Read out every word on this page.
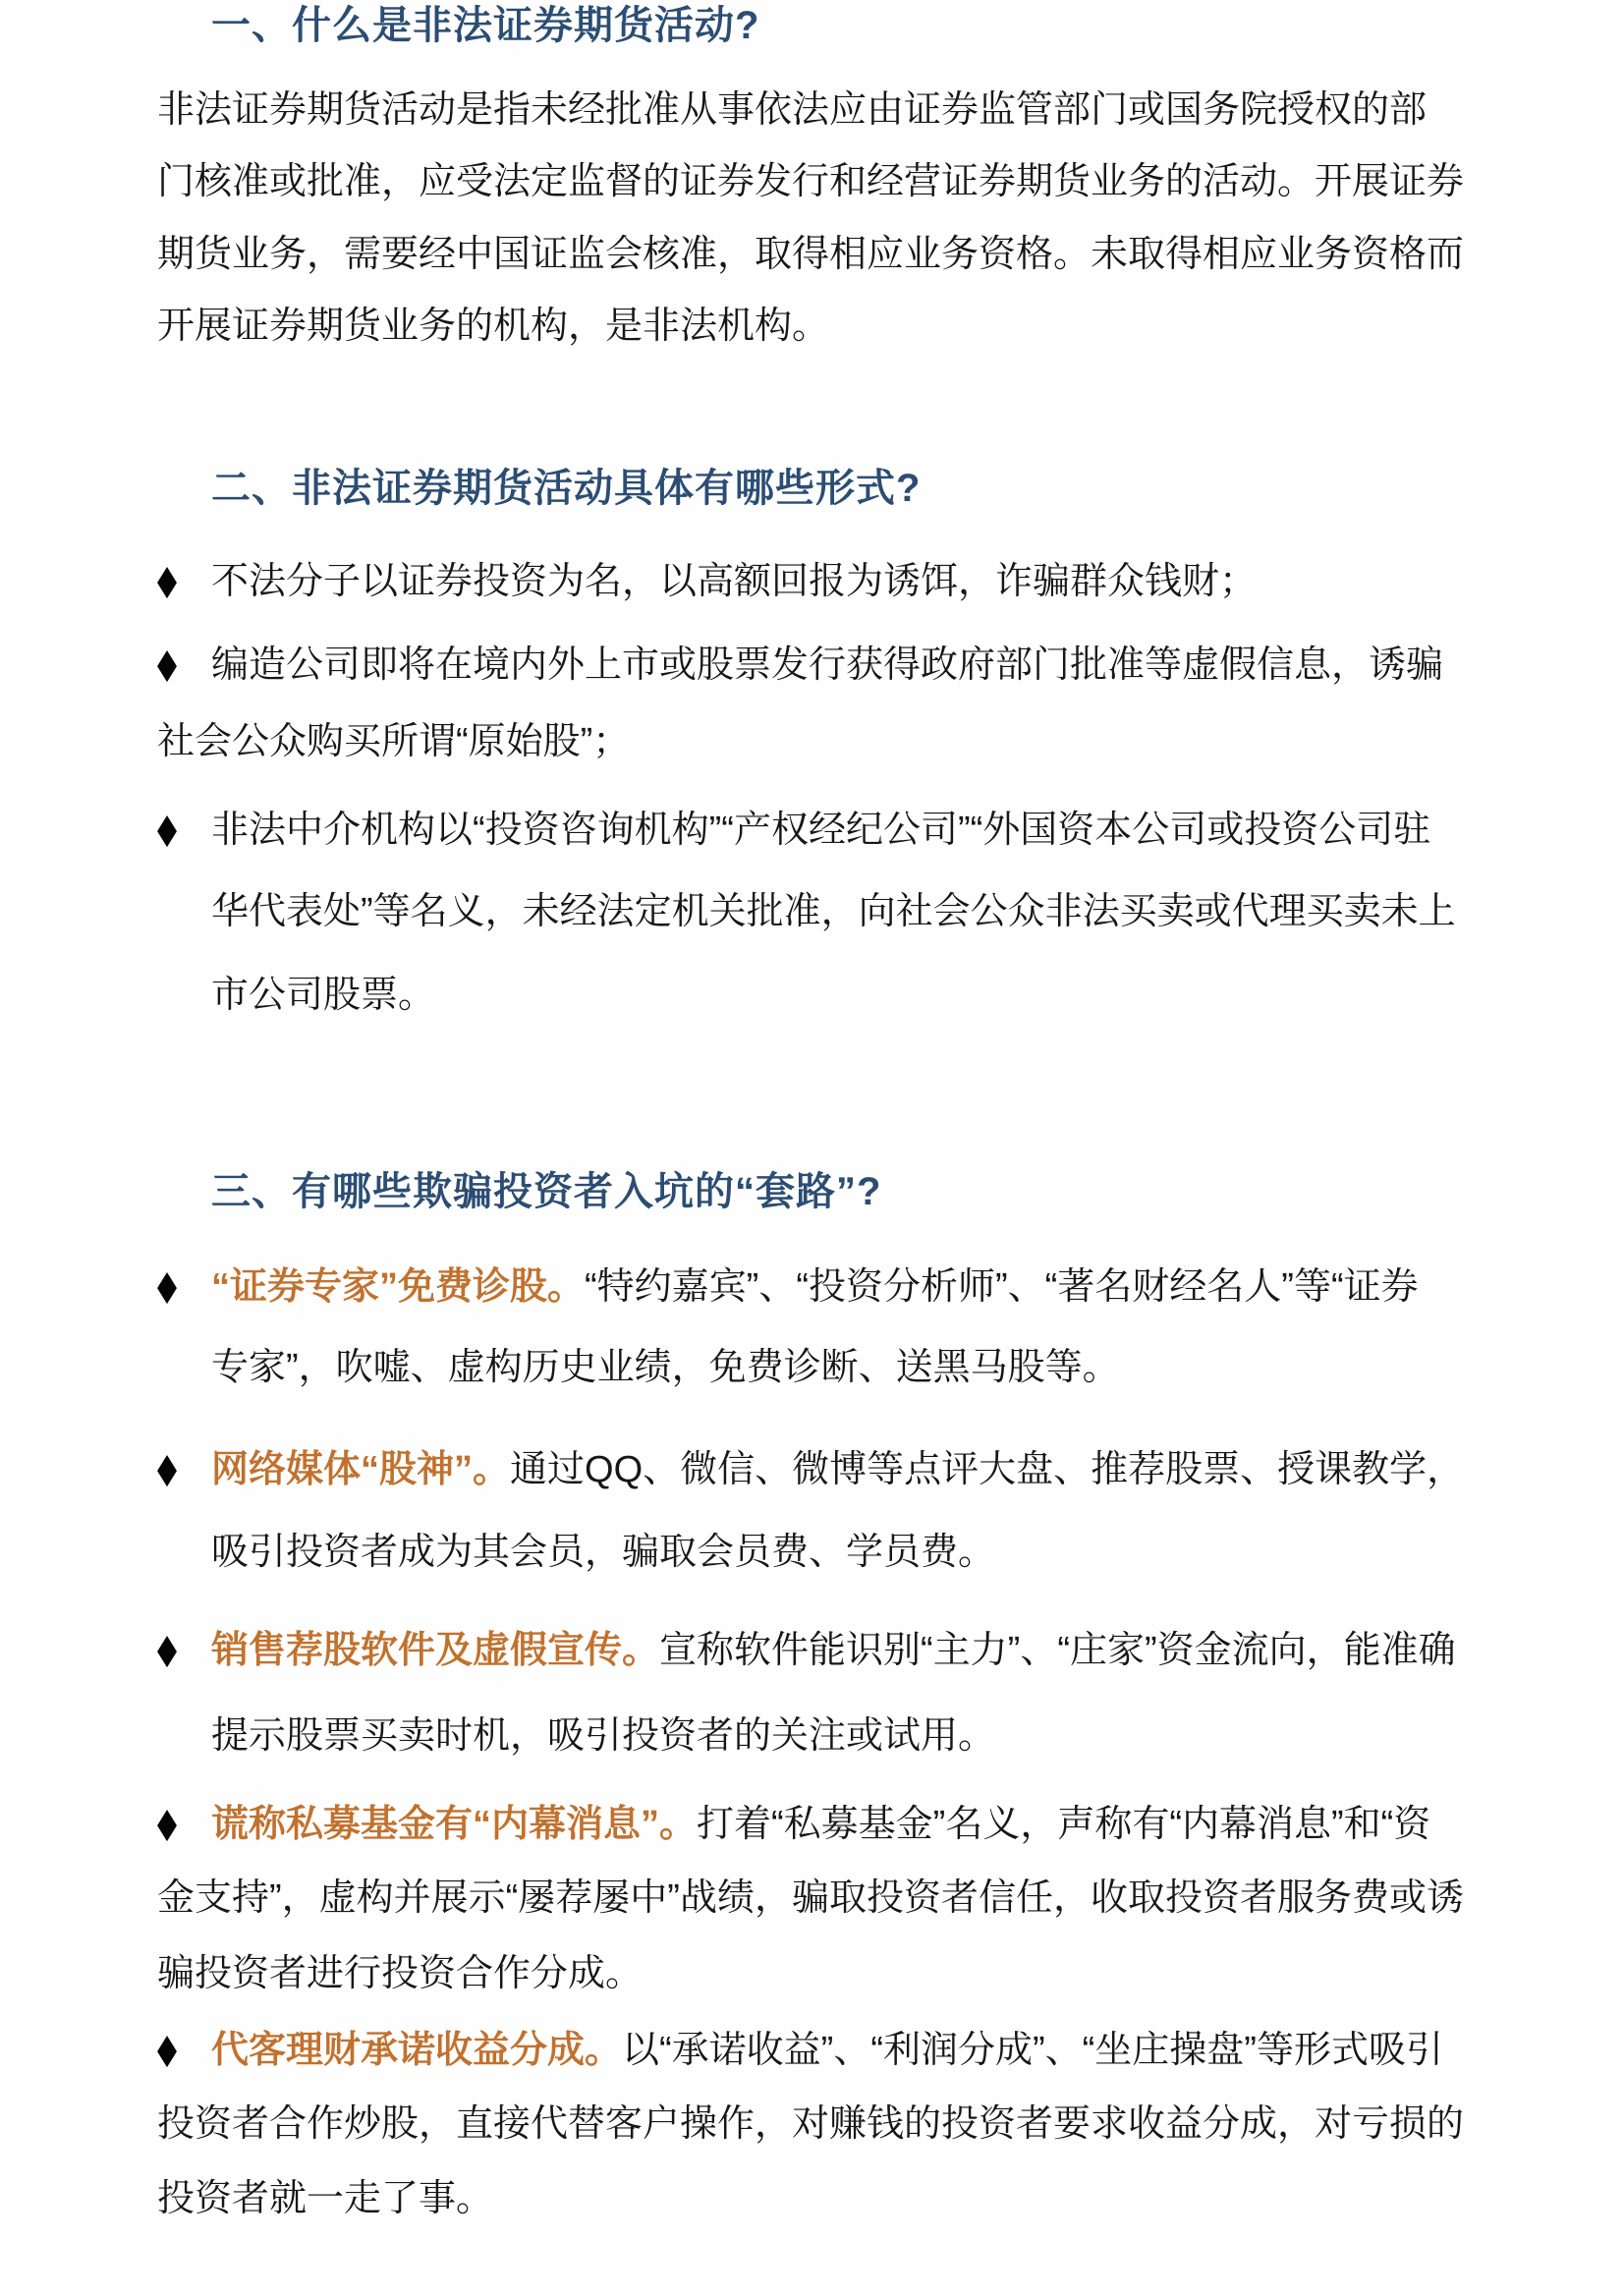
一、什么是非法证券期货活动?
非法证券期货活动是指未经批准从事依法应由证券监管部门或国务院授权的部
门核准或批准，应受法定监督的证券发行和经营证券期货业务的活动。开展证券
期货业务，需要经中国证监会核准，取得相应业务资格。未取得相应业务资格而
开展证券期货业务的机构，是非法机构。
二、非法证券期货活动具体有哪些形式?
◆ 不法分子以证券投资为名，以高额回报为诱饵，诈骗群众钱财；
◆ 编造公司即将在境内外上市或股票发行获得政府部门批准等虚假信息，诱骗
社会公众购买所谓“原始股”；
◆ 非法中介机构以“投资咨询机构”“产权经纪公司”“外国资本公司或投资公司驻
华代表处”等名义，未经法定机关批准，向社会公众非法买卖或代理买卖未上
市公司股票。
三、有哪些欺骗投资者入坑的“套路”?
◆ “证券专家”免费诊股。“特约嘉宾”、“投资分析师”、“著名财经名人”等“证券
专家”，吹嘘、虚构历史业绩，免费诊断、送黑马股等。
◆ 网络媒体“股神”。通过QQ、微信、微博等点评大盘、推荐股票、授课教学，
吸引投资者成为其会员，骗取会员费、学员费。
◆ 销售荐股软件及虚假宣传。宣称软件能识别“主力”、“庄家”资金流向，能准确
提示股票买卖时机，吸引投资者的关注或试用。
◆ 谎称私募基金有“内幕消息”。打着“私募基金”名义，声称有“内幕消息”和“资
金支持”，虚构并展示“屡荐屡中”战绩，骗取投资者信任，收取投资者服务费或诱
骗投资者进行投资合作分成。
◆ 代客理财承诺收益分成。以“承诺收益”、“利润分成”、“坐庄操盘”等形式吸引
投资者合作炒股，直接代替客户操作，对赚钱的投资者要求收益分成，对亏损的
投资者就一走了事。
